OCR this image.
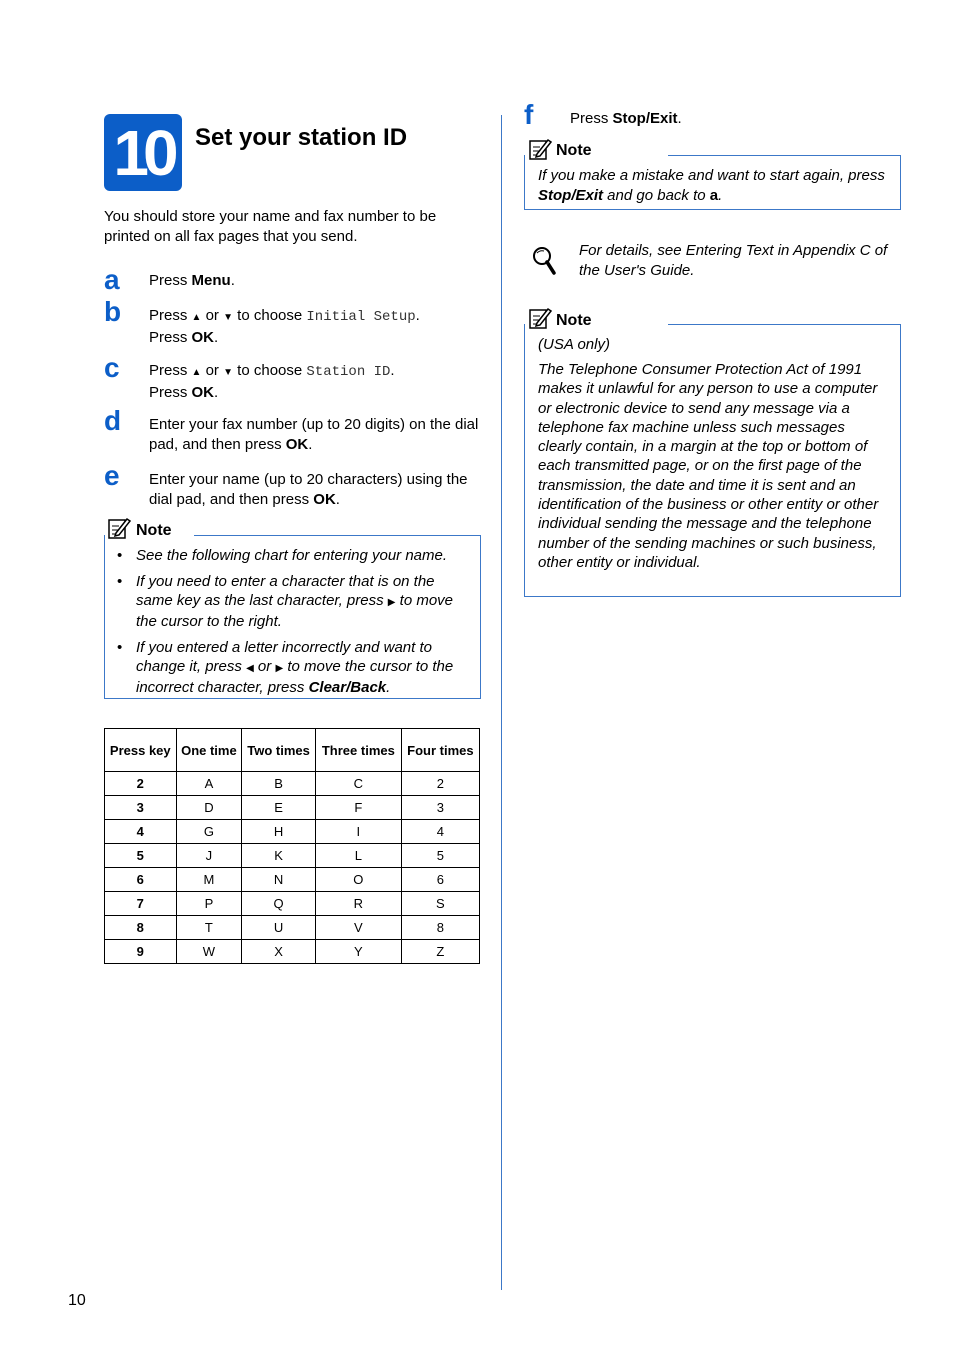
10 Set your station ID
You should store your name and fax number to be printed on all fax pages that you send.
a Press Menu.
b Press ▲ or ▼ to choose Initial Setup.
Press OK.
c Press ▲ or ▼ to choose Station ID.
Press OK.
d Enter your fax number (up to 20 digits) on the dial pad, and then press OK.
e Enter your name (up to 20 characters) using the dial pad, and then press OK.
Note
• See the following chart for entering your name.
• If you need to enter a character that is on the same key as the last character, press ▶ to move the cursor to the right.
• If you entered a letter incorrectly and want to change it, press ◀ or ▶ to move the cursor to the incorrect character, press Clear/Back.
Press key	One time	Two times	Three times	Four times
2	A	B	C	2
3	D	E	F	3
4	G	H	I	4
5	J	K	L	5
6	M	N	O	6
7	P	Q	R	S
8	T	U	V	8
9	W	X	Y	Z
f Press Stop/Exit.
Note
If you make a mistake and want to start again, press Stop/Exit and go back to a.
For details, see Entering Text in Appendix C of the User's Guide.
Note
(USA only)
The Telephone Consumer Protection Act of 1991 makes it unlawful for any person to use a computer or electronic device to send any message via a telephone fax machine unless such messages clearly contain, in a margin at the top or bottom of each transmitted page, or on the first page of the transmission, the date and time it is sent and an identification of the business or other entity or other individual sending the message and the telephone number of the sending machines or such business, other entity or individual.
10
